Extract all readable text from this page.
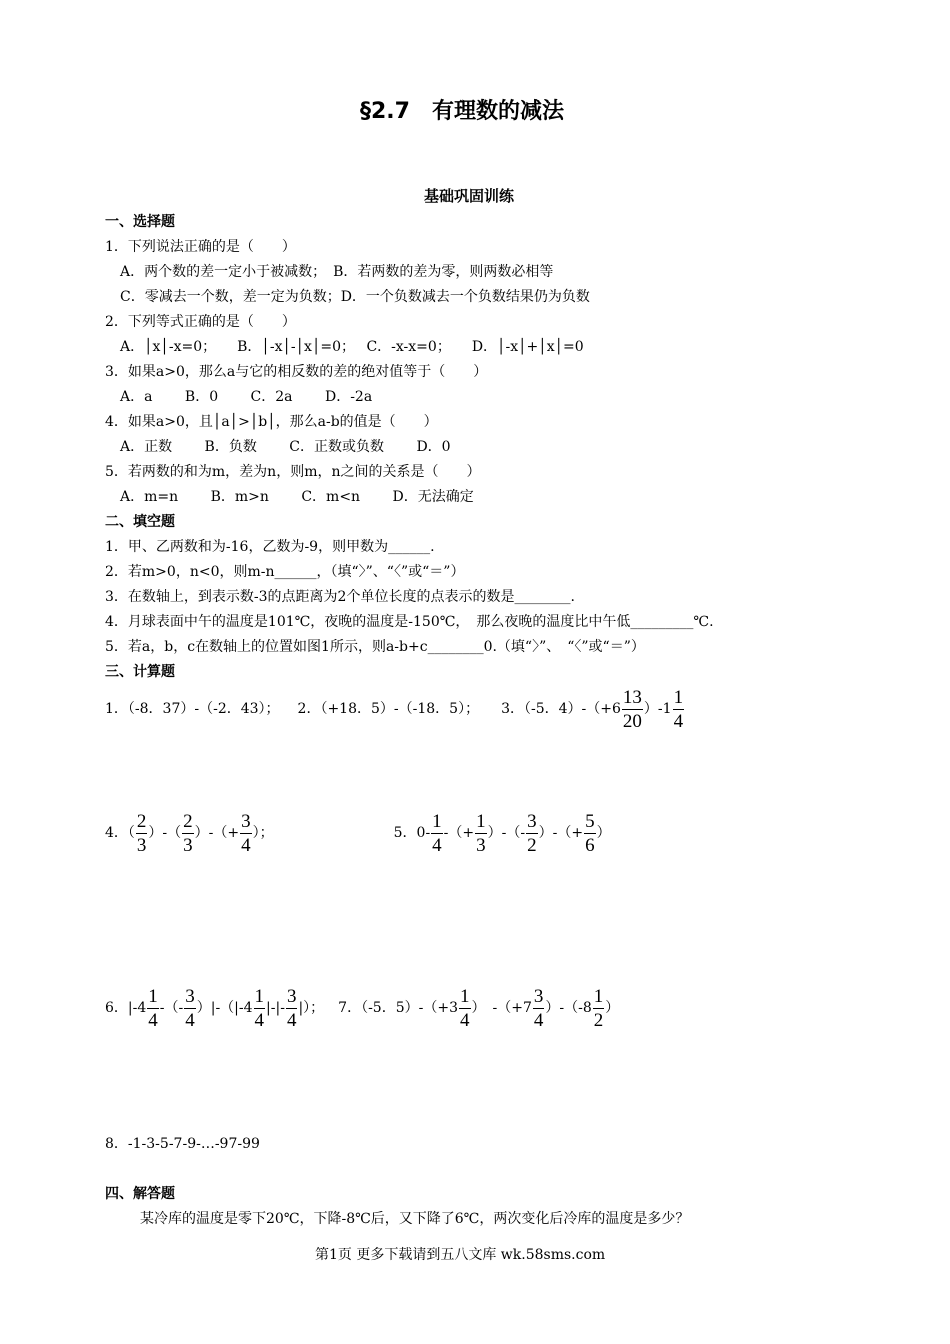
§2.7　有理数的减法
基础巩固训练
一、选择题
1．下列说法正确的是（　　）
A．两个数的差一定小于被减数；　B．若两数的差为零，则两数必相等
C．零减去一个数，差一定为负数；D．一个负数减去一个负数结果仍为负数
2．下列等式正确的是（　　）
A．│x│-x=0；　　B．│-x│-│x│=0；　 C．-x-x=0；　　D．│-x│+│x│=0
3．如果a>0，那么a与它的相反数的差的绝对值等于（　　）
A．a　　 B．0　　 C．2a　　 D．-2a
4．如果a>0，且│a│>│b│，那么a-b的值是（　　）
A．正数　　 B．负数　　 C．正数或负数　　 D．0
5．若两数的和为m，差为n，则m，n之间的关系是（　　）
A．m=n　　 B．m>n　　 C．m<n　　 D．无法确定
二、填空题
1．甲、乙两数和为-16，乙数为-9，则甲数为______.
2．若m>0，n<0，则m-n______，（填“〉”、“〈”或“＝”）
3．在数轴上，到表示数-3的点距离为2个单位长度的点表示的数是________.
4．月球表面中午的温度是101℃，夜晚的温度是-150℃，　那么夜晚的温度比中午低_________℃.
5．若a，b，c在数轴上的位置如图1所示，则a-b+c________0.（填“〉”、　“〈”或“＝”）
三、计算题
1．（-8．37）-（-2．43）； 2．（+18．5）-（-18．5）； 3．（-5．$4)-(+6 \frac{13}{20} )-1 \frac{1}{4}$
4．（ $\frac{2}{3}$ ）-（ $\frac{2}{3}$ ）-（+ $\frac{3}{4}$ ）；	5．$0- \frac{1}{4}$ -（+ $\frac{1}{3}$ ）-（- $\frac{3}{2}$ ）-（+ $\frac{5}{6}$ ）
6．$|-4 \frac{1}{4}$ -（- $\frac{3}{4} )|-(|-4 \frac{1}{4}$ |-|- $\frac{3}{4}$ |）； 7．（-5．$5)-(+3 \frac{1}{4}$ ）　$-(+7 \frac{3}{4} )-(-8 \frac{1}{2}$ ）
8．-1-3-5-7-9-…-97-99
四、解答题
某冷库的温度是零下20℃，下降-8℃后，又下降了6℃，两次变化后冷库的温度是多少？
第1页 更多下载请到五八文库 wk.58sms.com
